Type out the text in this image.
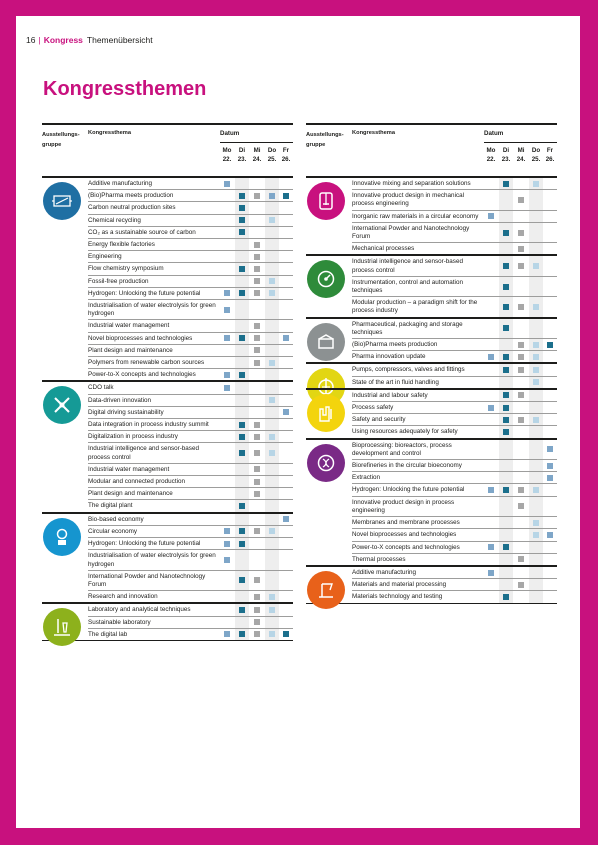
16 | Kongress Themenübersicht
Kongressthemen
Ausstellungs-
gruppe
Kongressthema	Datum
Mo
22.
Di
23.
Mi
24.
Do
25.
Fr
26.
Additive manufacturing
(Bio)Pharma meets production
Carbon neutral production sites
Chemical recycling
CO₂ as a sustainable source of carbon
Energy flexible factories
Engineering
Flow chemistry symposium
Fossil-free production
Hydrogen: Unlocking the future potential
Industrialisation of water electrolysis for green hydrogen
Industrial water management
Novel bioprocesses and technologies
Plant design and maintenance
Polymers from renewable carbon sources
Power-to-X concepts and technologies
CDO talk
Data-driven innovation
Digital driving sustainability
Data integration in process industry summit
Digitalization in process industry
Industrial intelligence and sensor-based process control
Industrial water management
Modular and connected production
Plant design and maintenance
The digital plant
Bio-based economy
Circular economy
Hydrogen: Unlocking the future potential
Industrialisation of water electrolysis for green hydrogen
International Powder and Nanotechnology Forum
Research and innovation
Laboratory and analytical techniques
Sustainable laboratory
The digital lab
Ausstellungs-
gruppe
Kongressthema	Datum
Mo
22.
Di
23.
Mi
24.
Do
25.
Fr
26.
Innovative mixing and separation solutions
Innovative product design in mechanical process engineering
Inorganic raw materials in a circular economy
International Powder and Nanotechnology Forum
Mechanical processes
Industrial intelligence and sensor-based process control
Instrumentation, control and automation techniques
Modular production – a paradigm shift for the process industry
Pharmaceutical, packaging and storage techniques
(Bio)Pharma meets production
Pharma innovation update
Pumps, compressors, valves and fittings
State of the art in fluid handling
Industrial and labour safety
Process safety
Safety and security
Using resources adequately for safety
Bioprocessing: bioreactors, process development and control
Biorefineries in the circular bioeconomy
Extraction
Hydrogen: Unlocking the future potential
Innovative product design in process engineering
Membranes and membrane processes
Novel bioprocesses and technologies
Power-to-X concepts and technologies
Thermal processes
Additive manufacturing
Materials and material processing
Materials technology and testing
